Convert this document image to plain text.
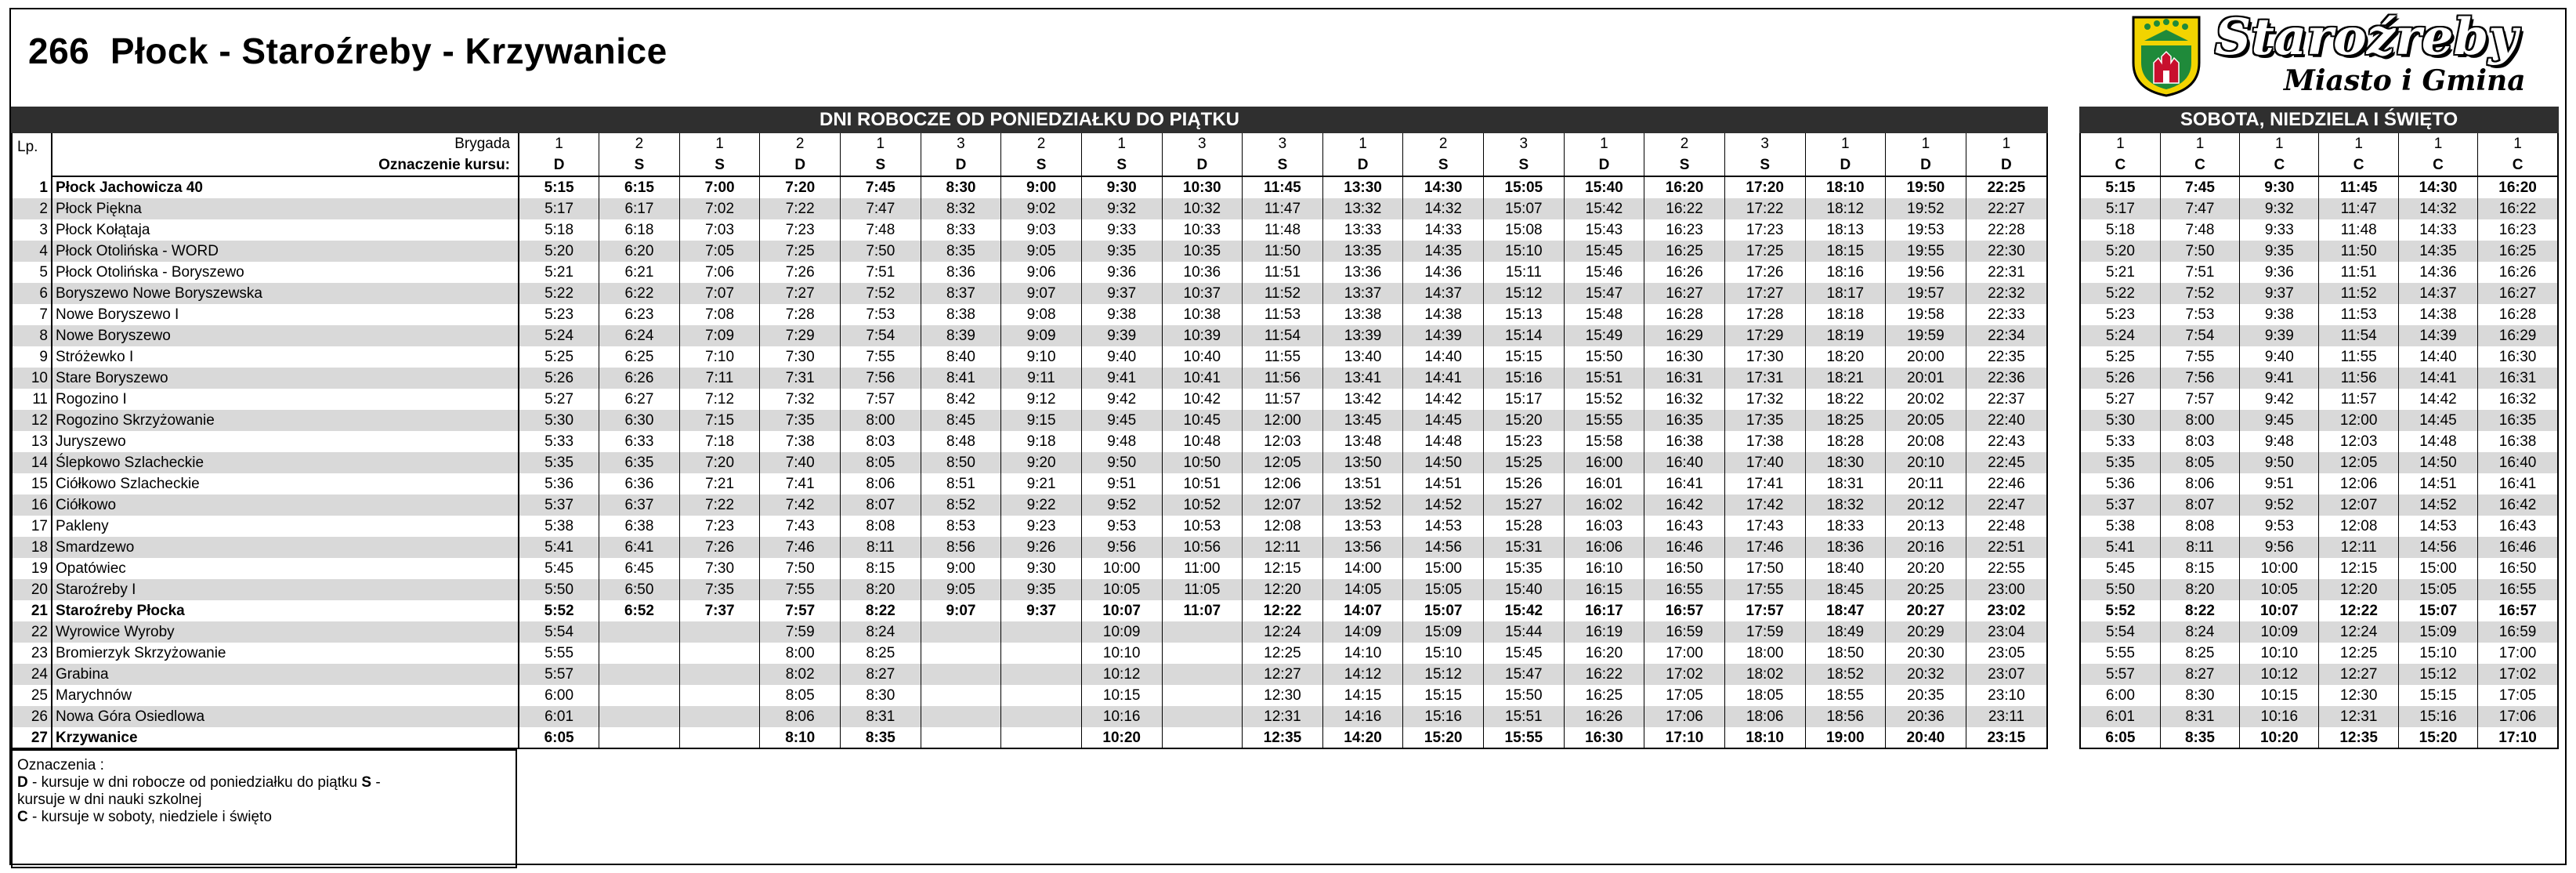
266 Płock - Staroźreby - Krzywanice	Staroźreby
Miasto i Gmina
DNI ROBOCZE OD PONIEDZIAŁKU DO PIĄTKU	SOBOTA, NIEDZIELA I ŚWIĘTO
Lp.	Brygada	1	2	1	2	1	3	2	1	3	3	1	2	3	1	2	3	1	1	1
	Oznaczenie kursu:	D	S	S	D	S	D	S	S	D	S	D	S	S	D	S	S	D	D	D
1	Płock Jachowicza 40	5:15	6:15	7:00	7:20	7:45	8:30	9:00	9:30	10:30	11:45	13:30	14:30	15:05	15:40	16:20	17:20	18:10	19:50	22:25
2	Płock Piękna	5:17	6:17	7:02	7:22	7:47	8:32	9:02	9:32	10:32	11:47	13:32	14:32	15:07	15:42	16:22	17:22	18:12	19:52	22:27
3	Płock Kołątaja	5:18	6:18	7:03	7:23	7:48	8:33	9:03	9:33	10:33	11:48	13:33	14:33	15:08	15:43	16:23	17:23	18:13	19:53	22:28
4	Płock Otolińska - WORD	5:20	6:20	7:05	7:25	7:50	8:35	9:05	9:35	10:35	11:50	13:35	14:35	15:10	15:45	16:25	17:25	18:15	19:55	22:30
5	Płock Otolińska - Boryszewo	5:21	6:21	7:06	7:26	7:51	8:36	9:06	9:36	10:36	11:51	13:36	14:36	15:11	15:46	16:26	17:26	18:16	19:56	22:31
6	Boryszewo Nowe Boryszewska	5:22	6:22	7:07	7:27	7:52	8:37	9:07	9:37	10:37	11:52	13:37	14:37	15:12	15:47	16:27	17:27	18:17	19:57	22:32
7	Nowe Boryszewo I	5:23	6:23	7:08	7:28	7:53	8:38	9:08	9:38	10:38	11:53	13:38	14:38	15:13	15:48	16:28	17:28	18:18	19:58	22:33
8	Nowe Boryszewo	5:24	6:24	7:09	7:29	7:54	8:39	9:09	9:39	10:39	11:54	13:39	14:39	15:14	15:49	16:29	17:29	18:19	19:59	22:34
9	Stróżewko I	5:25	6:25	7:10	7:30	7:55	8:40	9:10	9:40	10:40	11:55	13:40	14:40	15:15	15:50	16:30	17:30	18:20	20:00	22:35
10	Stare Boryszewo	5:26	6:26	7:11	7:31	7:56	8:41	9:11	9:41	10:41	11:56	13:41	14:41	15:16	15:51	16:31	17:31	18:21	20:01	22:36
11	Rogozino I	5:27	6:27	7:12	7:32	7:57	8:42	9:12	9:42	10:42	11:57	13:42	14:42	15:17	15:52	16:32	17:32	18:22	20:02	22:37
12	Rogozino Skrzyżowanie	5:30	6:30	7:15	7:35	8:00	8:45	9:15	9:45	10:45	12:00	13:45	14:45	15:20	15:55	16:35	17:35	18:25	20:05	22:40
13	Juryszewo	5:33	6:33	7:18	7:38	8:03	8:48	9:18	9:48	10:48	12:03	13:48	14:48	15:23	15:58	16:38	17:38	18:28	20:08	22:43
14	Ślepkowo Szlacheckie	5:35	6:35	7:20	7:40	8:05	8:50	9:20	9:50	10:50	12:05	13:50	14:50	15:25	16:00	16:40	17:40	18:30	20:10	22:45
15	Ciółkowo Szlacheckie	5:36	6:36	7:21	7:41	8:06	8:51	9:21	9:51	10:51	12:06	13:51	14:51	15:26	16:01	16:41	17:41	18:31	20:11	22:46
16	Ciółkowo	5:37	6:37	7:22	7:42	8:07	8:52	9:22	9:52	10:52	12:07	13:52	14:52	15:27	16:02	16:42	17:42	18:32	20:12	22:47
17	Pakleny	5:38	6:38	7:23	7:43	8:08	8:53	9:23	9:53	10:53	12:08	13:53	14:53	15:28	16:03	16:43	17:43	18:33	20:13	22:48
18	Smardzewo	5:41	6:41	7:26	7:46	8:11	8:56	9:26	9:56	10:56	12:11	13:56	14:56	15:31	16:06	16:46	17:46	18:36	20:16	22:51
19	Opatówiec	5:45	6:45	7:30	7:50	8:15	9:00	9:30	10:00	11:00	12:15	14:00	15:00	15:35	16:10	16:50	17:50	18:40	20:20	22:55
20	Staroźreby I	5:50	6:50	7:35	7:55	8:20	9:05	9:35	10:05	11:05	12:20	14:05	15:05	15:40	16:15	16:55	17:55	18:45	20:25	23:00
21	Staroźreby Płocka	5:52	6:52	7:37	7:57	8:22	9:07	9:37	10:07	11:07	12:22	14:07	15:07	15:42	16:17	16:57	17:57	18:47	20:27	23:02
22	Wyrowice Wyroby	5:54			7:59	8:24			10:09		12:24	14:09	15:09	15:44	16:19	16:59	17:59	18:49	20:29	23:04
23	Bromierzyk Skrzyżowanie	5:55			8:00	8:25			10:10		12:25	14:10	15:10	15:45	16:20	17:00	18:00	18:50	20:30	23:05
24	Grabina	5:57			8:02	8:27			10:12		12:27	14:12	15:12	15:47	16:22	17:02	18:02	18:52	20:32	23:07
25	Marychnów	6:00			8:05	8:30			10:15		12:30	14:15	15:15	15:50	16:25	17:05	18:05	18:55	20:35	23:10
26	Nowa Góra Osiedlowa	6:01			8:06	8:31			10:16		12:31	14:16	15:16	15:51	16:26	17:06	18:06	18:56	20:36	23:11
27	Krzywanice	6:05			8:10	8:35			10:20		12:35	14:20	15:20	15:55	16:30	17:10	18:10	19:00	20:40	23:15
1	1	1	1	1	1
C	C	C	C	C	C
5:15	7:45	9:30	11:45	14:30	16:20
5:17	7:47	9:32	11:47	14:32	16:22
5:18	7:48	9:33	11:48	14:33	16:23
5:20	7:50	9:35	11:50	14:35	16:25
5:21	7:51	9:36	11:51	14:36	16:26
5:22	7:52	9:37	11:52	14:37	16:27
5:23	7:53	9:38	11:53	14:38	16:28
5:24	7:54	9:39	11:54	14:39	16:29
5:25	7:55	9:40	11:55	14:40	16:30
5:26	7:56	9:41	11:56	14:41	16:31
5:27	7:57	9:42	11:57	14:42	16:32
5:30	8:00	9:45	12:00	14:45	16:35
5:33	8:03	9:48	12:03	14:48	16:38
5:35	8:05	9:50	12:05	14:50	16:40
5:36	8:06	9:51	12:06	14:51	16:41
5:37	8:07	9:52	12:07	14:52	16:42
5:38	8:08	9:53	12:08	14:53	16:43
5:41	8:11	9:56	12:11	14:56	16:46
5:45	8:15	10:00	12:15	15:00	16:50
5:50	8:20	10:05	12:20	15:05	16:55
5:52	8:22	10:07	12:22	15:07	16:57
5:54	8:24	10:09	12:24	15:09	16:59
5:55	8:25	10:10	12:25	15:10	17:00
5:57	8:27	10:12	12:27	15:12	17:02
6:00	8:30	10:15	12:30	15:15	17:05
6:01	8:31	10:16	12:31	15:16	17:06
6:05	8:35	10:20	12:35	15:20	17:10

Oznaczenia :

D - kursuje w dni robocze od poniedziałku do piątku S -

kursuje w dni nauki szkolnej

C - kursuje w soboty, niedziele i święto
